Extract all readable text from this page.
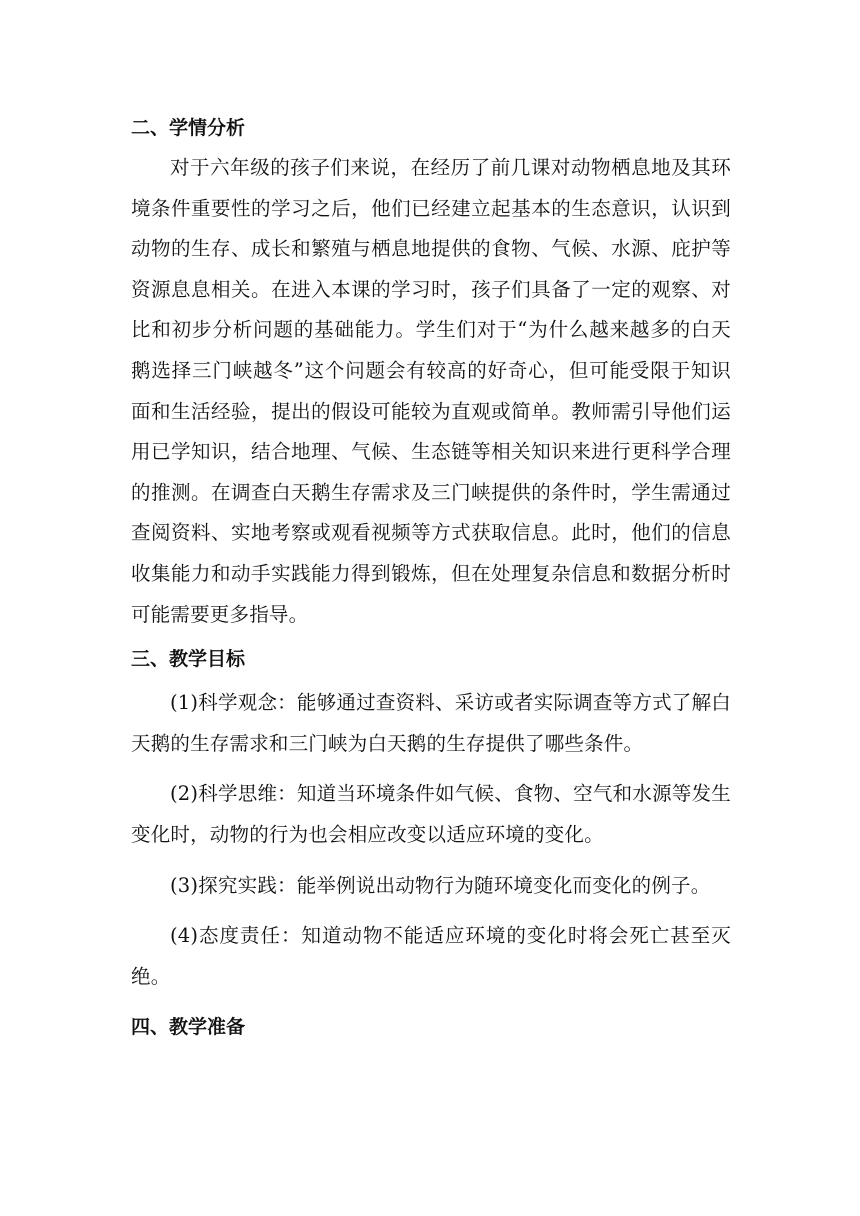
二、学情分析

对于六年级的孩子们来说，在经历了前几课对动物栖息地及其环境条件重要性的学习之后，他们已经建立起基本的生态意识，认识到动物的生存、成长和繁殖与栖息地提供的食物、气候、水源、庇护等资源息息相关。在进入本课的学习时，孩子们具备了一定的观察、对比和初步分析问题的基础能力。学生们对于“为什么越来越多的白天鹅选择三门峡越冬”这个问题会有较高的好奇心，但可能受限于知识面和生活经验，提出的假设可能较为直观或简单。教师需引导他们运用已学知识，结合地理、气候、生态链等相关知识来进行更科学合理的推测。在调查白天鹅生存需求及三门峡提供的条件时，学生需通过查阅资料、实地考察或观看视频等方式获取信息。此时，他们的信息收集能力和动手实践能力得到锻炼，但在处理复杂信息和数据分析时可能需要更多指导。

三、教学目标

(1)科学观念：能够通过查资料、采访或者实际调查等方式了解白天鹅的生存需求和三门峡为白天鹅的生存提供了哪些条件。

(2)科学思维：知道当环境条件如气候、食物、空气和水源等发生变化时，动物的行为也会相应改变以适应环境的变化。

(3)探究实践：能举例说出动物行为随环境变化而变化的例子。

(4)态度责任：知道动物不能适应环境的变化时将会死亡甚至灭绝。

四、教学准备
